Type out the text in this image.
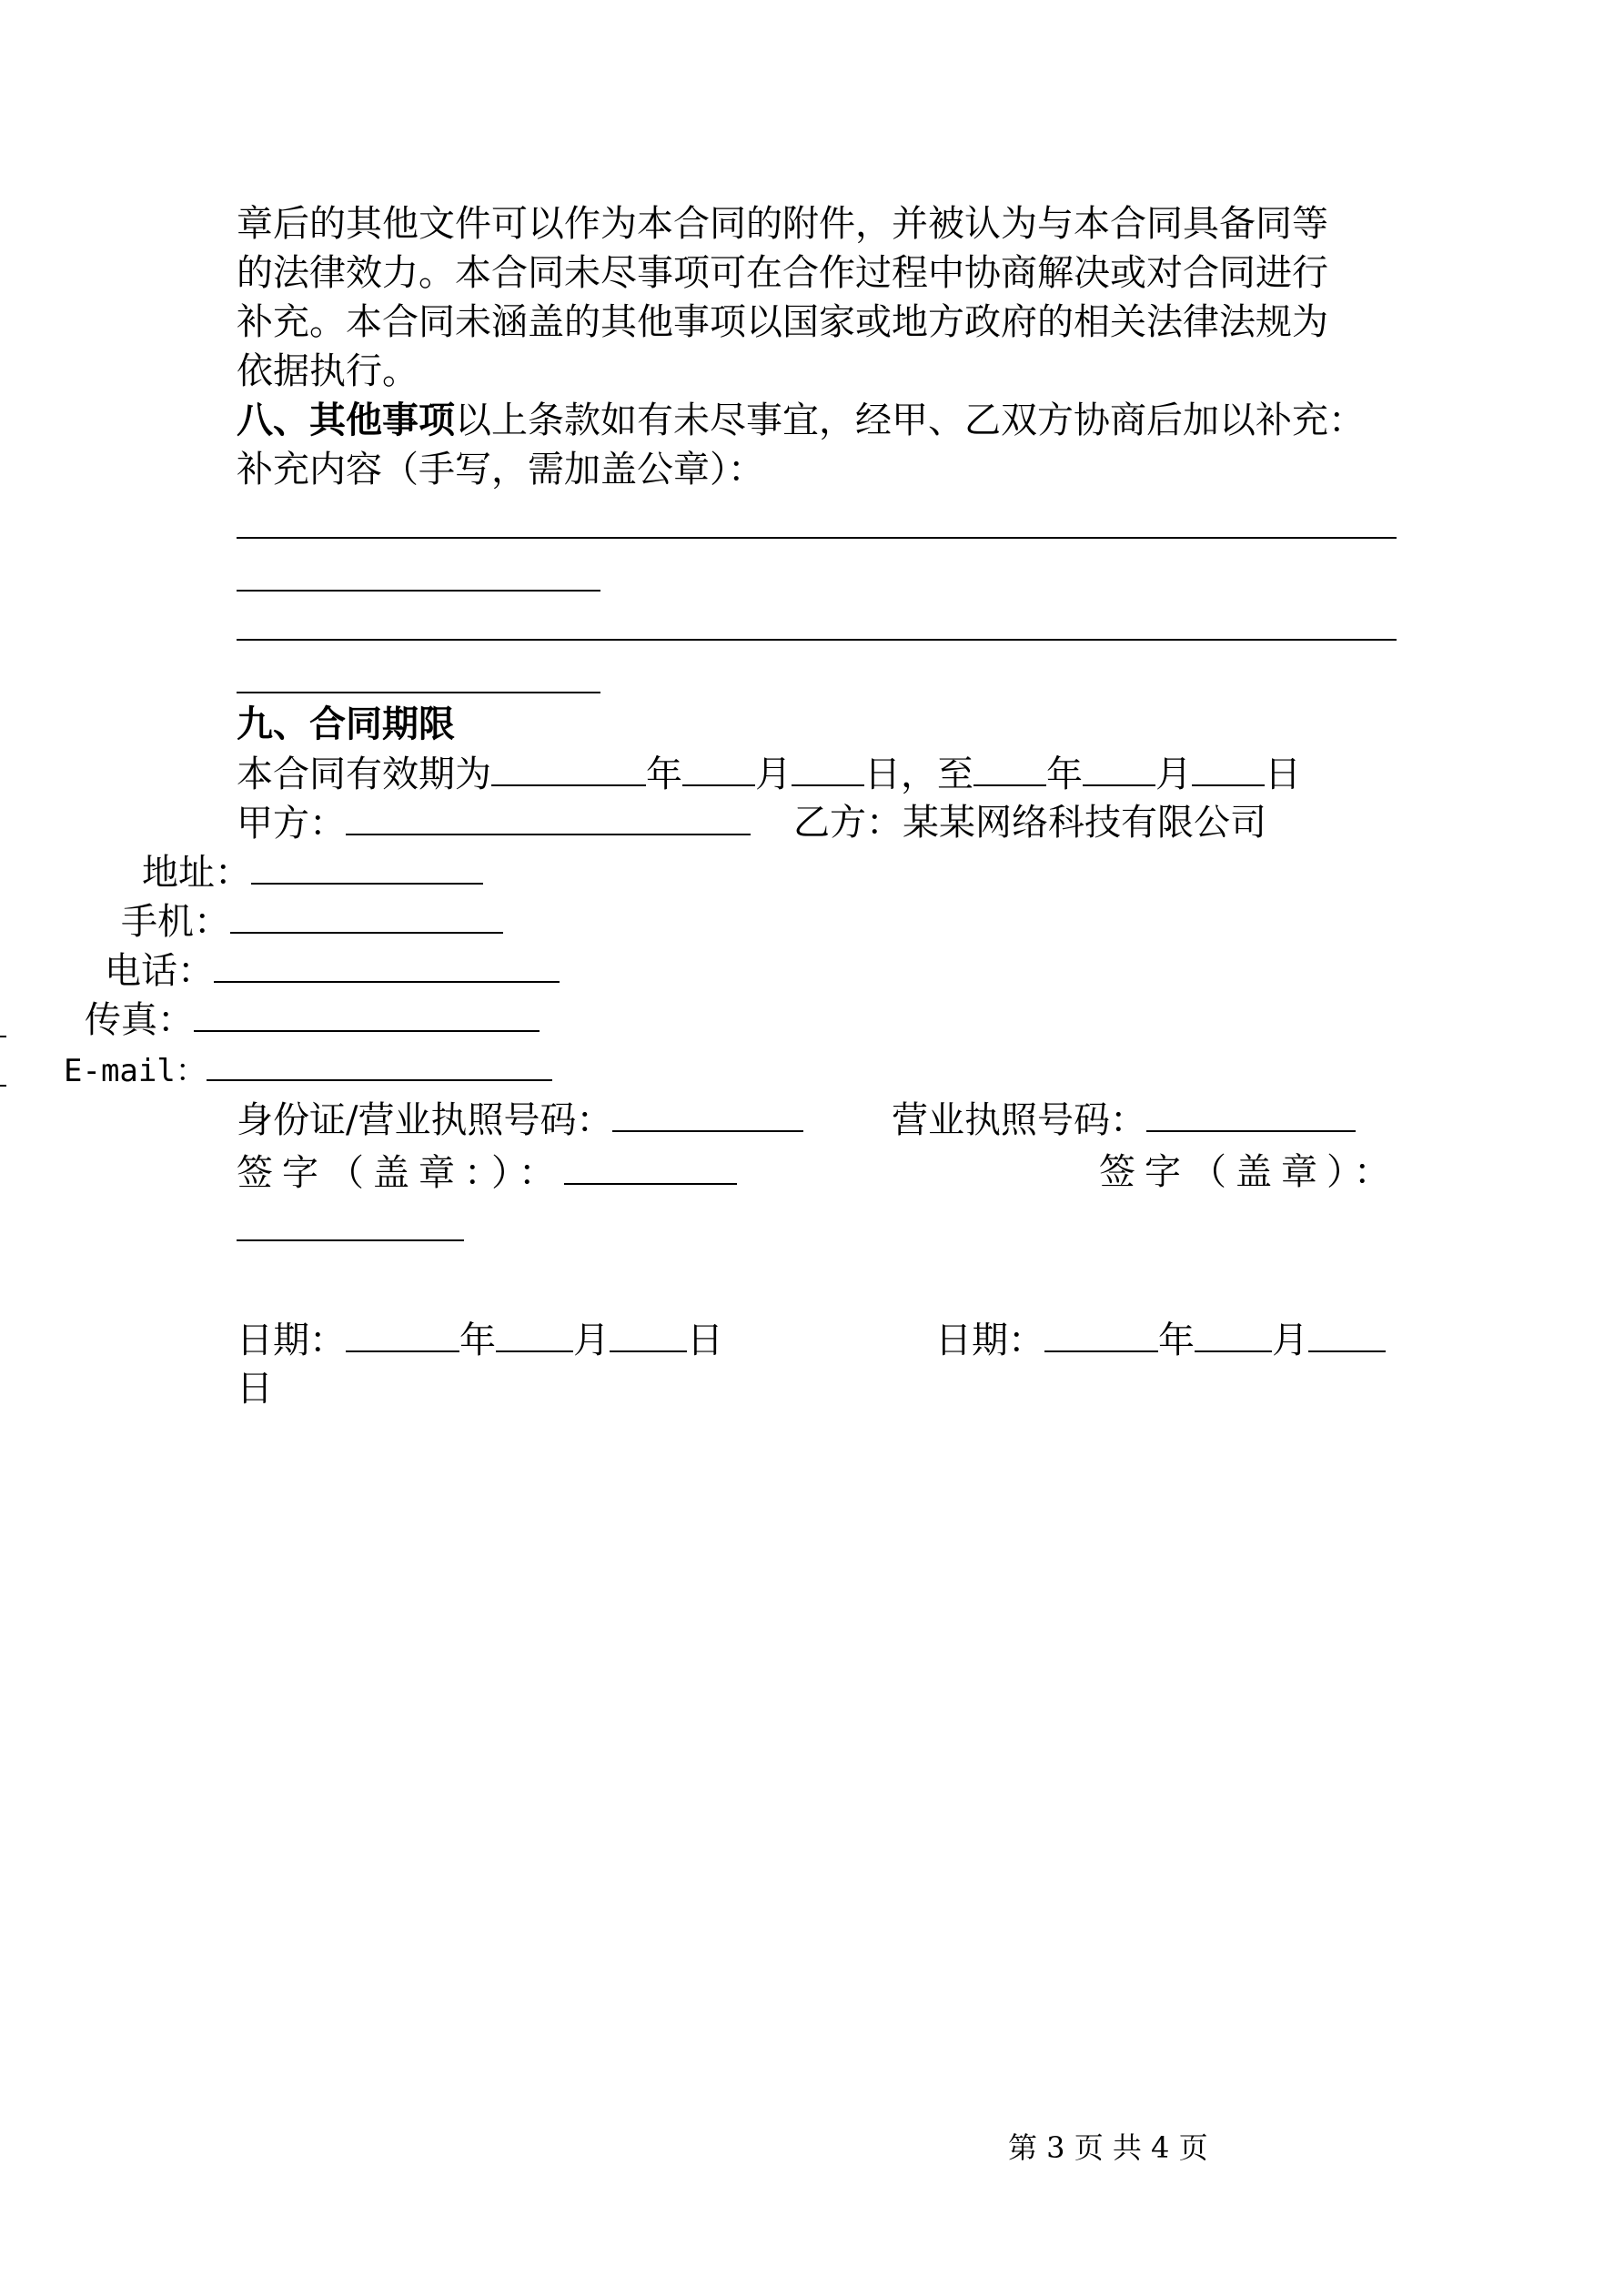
章后的其他文件可以作为本合同的附件，并被认为与本合同具备同等
的法律效力。本合同未尽事项可在合作过程中协商解决或对合同进行
补充。本合同未涵盖的其他事项以国家或地方政府的相关法律法规为
依据执行。
八、其他事项以上条款如有未尽事宜，经甲、乙双方协商后加以补充：
补充内容（手写，需加盖公章）：
九、合同期限
本合同有效期为	年 月 日，至 年 月 日
甲方：	乙方：某某网络科技有限公司
地址：
手机：
电话：
传真：
E-mail：
身份证/营业执照号码：	营业执照号码：
签字（盖章：）：	签字（盖章）：
日期：	年 月 日	日期：	年 月
日
第 3 页 共 4 页
